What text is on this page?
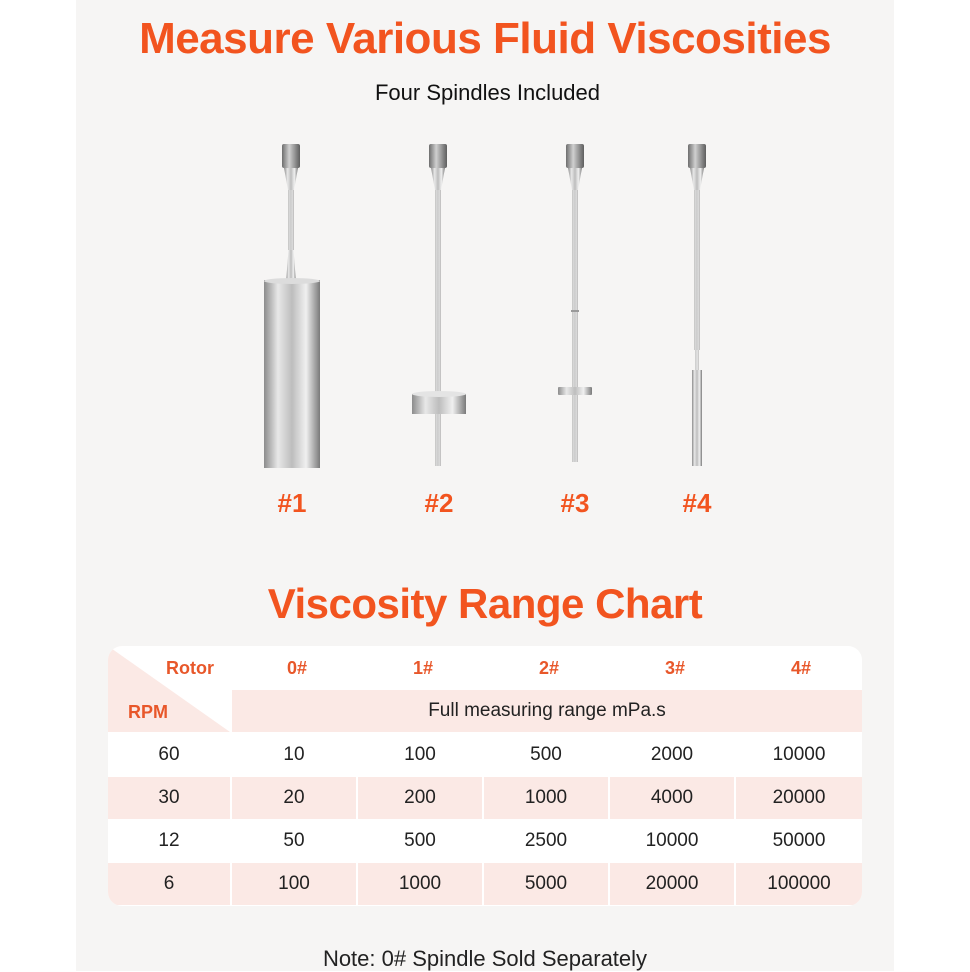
Measure Various Fluid Viscosities
Four Spindles Included
#1	#2	#3	#4
Viscosity Range Chart
Rotor
RPM
0#	1#	2#	3#	4#
Full measuring range mPa.s
60	10	100	500	2000	10000
30	20	200	1000	4000	20000
12	50	500	2500	10000	50000
6	100	1000	5000	20000	100000
Note: 0# Spindle Sold Separately
